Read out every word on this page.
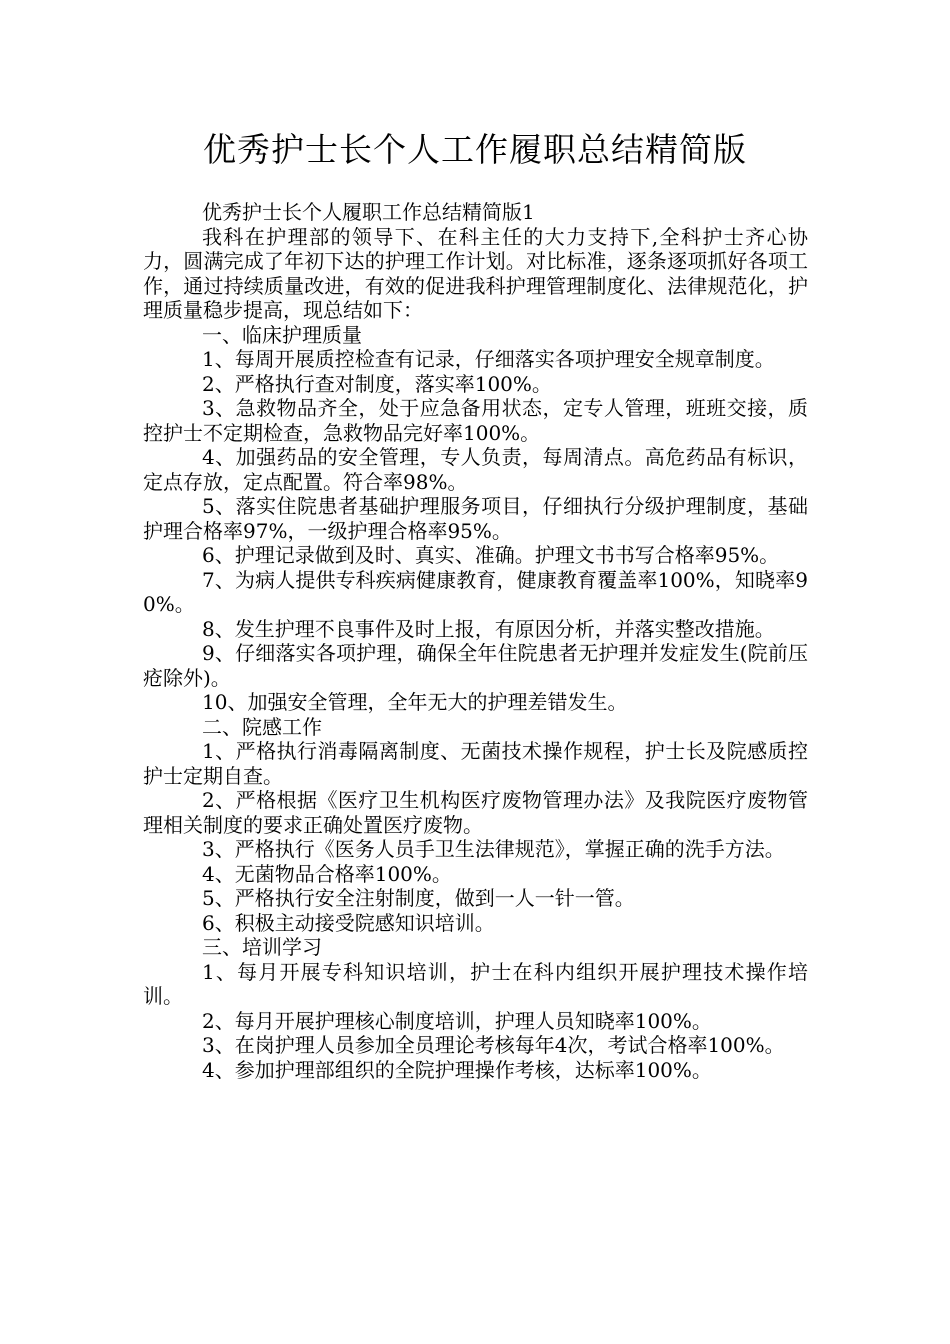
优秀护士长个人工作履职总结精简版

优秀护士长个人履职工作总结精简版1

我科在护理部的领导下、在科主任的大力支持下,全科护士齐心协力，圆满完成了年初下达的护理工作计划。对比标准，逐条逐项抓好各项工作，通过持续质量改进，有效的促进我科护理管理制度化、法律规范化，护理质量稳步提高，现总结如下：

一、临床护理质量

1、每周开展质控检查有记录，仔细落实各项护理安全规章制度。

2、严格执行查对制度，落实率100%。

3、急救物品齐全，处于应急备用状态，定专人管理，班班交接，质控护士不定期检查，急救物品完好率100%。

4、加强药品的安全管理，专人负责，每周清点。高危药品有标识，定点存放，定点配置。符合率98%。

5、落实住院患者基础护理服务项目，仔细执行分级护理制度，基础护理合格率97%，一级护理合格率95%。

6、护理记录做到及时、真实、准确。护理文书书写合格率95%。

7、为病人提供专科疾病健康教育，健康教育覆盖率100%，知晓率90%。

8、发生护理不良事件及时上报，有原因分析，并落实整改措施。

9、仔细落实各项护理，确保全年住院患者无护理并发症发生(院前压疮除外)。

10、加强安全管理，全年无大的护理差错发生。

二、院感工作

1、严格执行消毒隔离制度、无菌技术操作规程，护士长及院感质控护士定期自查。

2、严格根据《医疗卫生机构医疗废物管理办法》及我院医疗废物管理相关制度的要求正确处置医疗废物。

3、严格执行《医务人员手卫生法律规范》，掌握正确的洗手方法。

4、无菌物品合格率100%。

5、严格执行安全注射制度，做到一人一针一管。

6、积极主动接受院感知识培训。

三、培训学习

1、每月开展专科知识培训，护士在科内组织开展护理技术操作培训。

2、每月开展护理核心制度培训，护理人员知晓率100%。

3、在岗护理人员参加全员理论考核每年4次，考试合格率100%。

4、参加护理部组织的全院护理操作考核，达标率100%。
